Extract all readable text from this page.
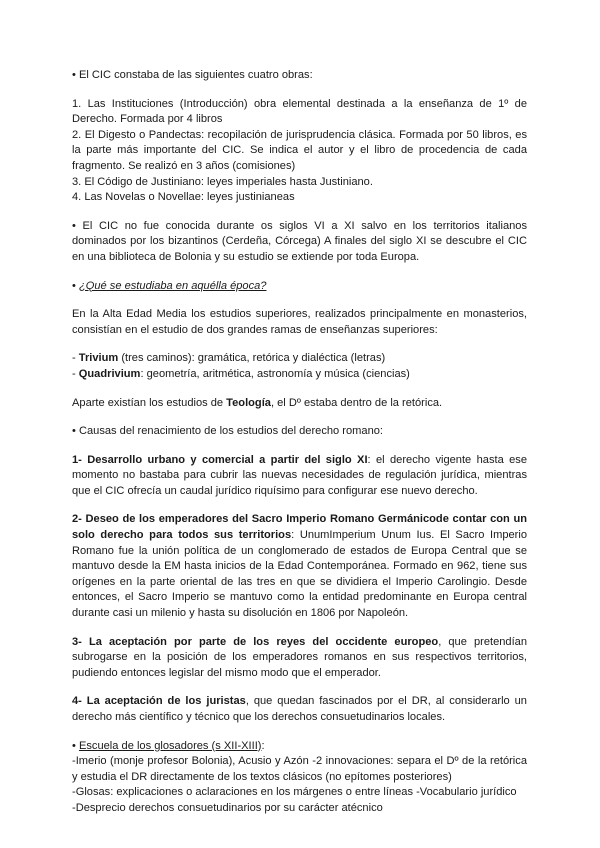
• El CIC constaba de las siguientes cuatro obras:

1. Las Instituciones (Introducción) obra elemental destinada a la enseñanza de 1º de
Derecho. Formada por 4 libros
2. El Digesto o Pandectas: recopilación de jurisprudencia clásica. Formada por 50 libros, es
la parte más importante del CIC. Se indica el autor y el libro de procedencia de cada
fragmento. Se realizó en 3 años (comisiones)
3. El Código de Justiniano: leyes imperiales hasta Justiniano.
4. Las Novelas o Novellae: leyes justinianeas
• El CIC no fue conocida durante os siglos VI a XI salvo en los territorios italianos
dominados por los bizantinos (Cerdeña, Córcega) A finales del siglo XI se descubre el CIC
en una biblioteca de Bolonia y su estudio se extiende por toda Europa.

• ¿Qué se estudiaba en aquélla época?

En la Alta Edad Media los estudios superiores, realizados principalmente en monasterios,
consistían en el estudio de dos grandes ramas de enseñanzas superiores:

- Trivium (tres caminos): gramática, retórica y dialéctica (letras)

- Quadrivium: geometría, aritmética, astronomía y música (ciencias)

Aparte existían los estudios de Teología, el Dº estaba dentro de la retórica.

• Causas del renacimiento de los estudios del derecho romano:

1- Desarrollo urbano y comercial a partir del siglo XI: el derecho vigente hasta ese
momento no bastaba para cubrir las nuevas necesidades de regulación jurídica, mientras
que el CIC ofrecía un caudal jurídico riquísimo para configurar ese nuevo derecho.
2- Deseo de los emperadores del Sacro Imperio Romano Germánicode contar con un
solo derecho para todos sus territorios: UnumImperium Unum Ius. El Sacro Imperio
Romano fue la unión política de un conglomerado de estados de Europa Central que se
mantuvo desde la EM hasta inicios de la Edad Contemporánea. Formado en 962, tiene sus
orígenes en la parte oriental de las tres en que se dividiera el Imperio Carolingio. Desde
entonces, el Sacro Imperio se mantuvo como la entidad predominante en Europa central
durante casi un milenio y hasta su disolución en 1806 por Napoleón.
3- La aceptación por parte de los reyes del occidente europeo, que pretendían
subrogarse en la posición de los emperadores romanos en sus respectivos territorios,
pudiendo entonces legislar del mismo modo que el emperador.
4- La aceptación de los juristas, que quedan fascinados por el DR, al considerarlo un
derecho más científico y técnico que los derechos consuetudinarios locales.

• Escuela de los glosadores (s XII-XIII):

-Imerio (monje profesor Bolonia), Acusio y Azón -2 innovaciones: separa el Dº de la retórica
y estudia el DR directamente de los textos clásicos (no epítomes posteriores)
-Glosas: explicaciones o aclaraciones en los márgenes o entre líneas -Vocabulario jurídico
-Desprecio derechos consuetudinarios por su carácter atécnico
